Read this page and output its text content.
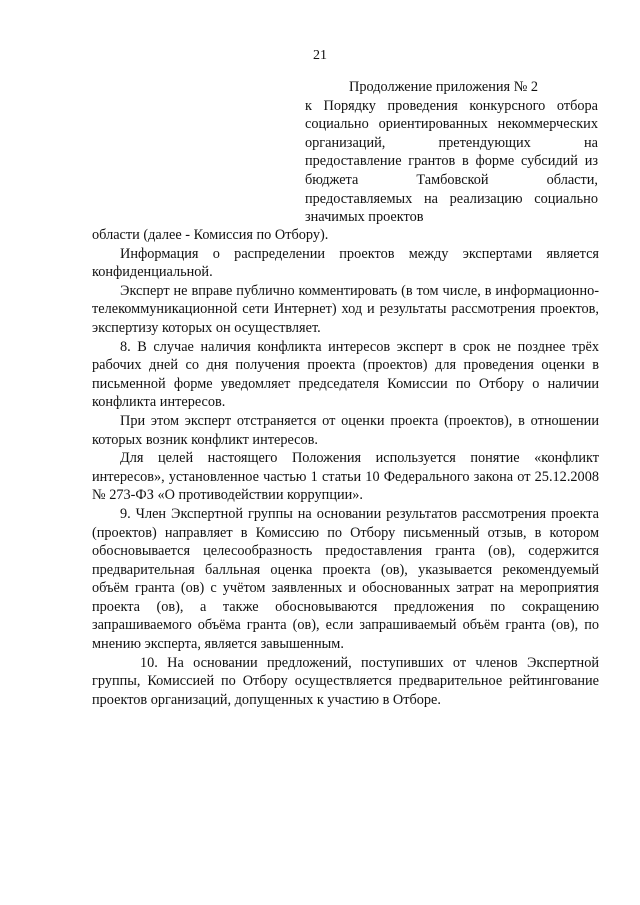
21

Продолжение приложения № 2

к Порядку проведения конкурсного отбора социально ориентированных некоммерческих организаций, претендующих на предоставление грантов в форме субсидий из бюджета Тамбовской области, предоставляемых на реализацию социально значимых проектов

области (далее - Комиссия по Отбору).

Информация о распределении проектов между экспертами является конфиденциальной.

Эксперт не вправе публично комментировать (в том числе, в информационно-телекоммуникационной сети Интернет) ход и результаты рассмотрения проектов, экспертизу которых он осуществляет.

8. В случае наличия конфликта интересов эксперт в срок не позднее трёх рабочих дней со дня получения проекта (проектов) для проведения оценки в письменной форме уведомляет председателя Комиссии по Отбору о наличии конфликта интересов.

При этом эксперт отстраняется от оценки проекта (проектов), в отношении которых возник конфликт интересов.

Для целей настоящего Положения используется понятие «конфликт интересов», установленное частью 1 статьи 10 Федерального закона от 25.12.2008 № 273-ФЗ «О противодействии коррупции».

9. Член Экспертной группы на основании результатов рассмотрения проекта (проектов) направляет в Комиссию по Отбору письменный отзыв, в котором обосновывается целесообразность предоставления гранта (ов), содержится предварительная балльная оценка проекта (ов), указывается рекомендуемый объём гранта (ов) с учётом заявленных и обоснованных затрат на мероприятия проекта (ов), а также обосновываются предложения по сокращению запрашиваемого объёма гранта (ов), если запрашиваемый объём гранта (ов), по мнению эксперта, является завышенным.

10. На основании предложений, поступивших от членов Экспертной группы, Комиссией по Отбору осуществляется предварительное рейтингование проектов организаций, допущенных к участию в Отборе.
